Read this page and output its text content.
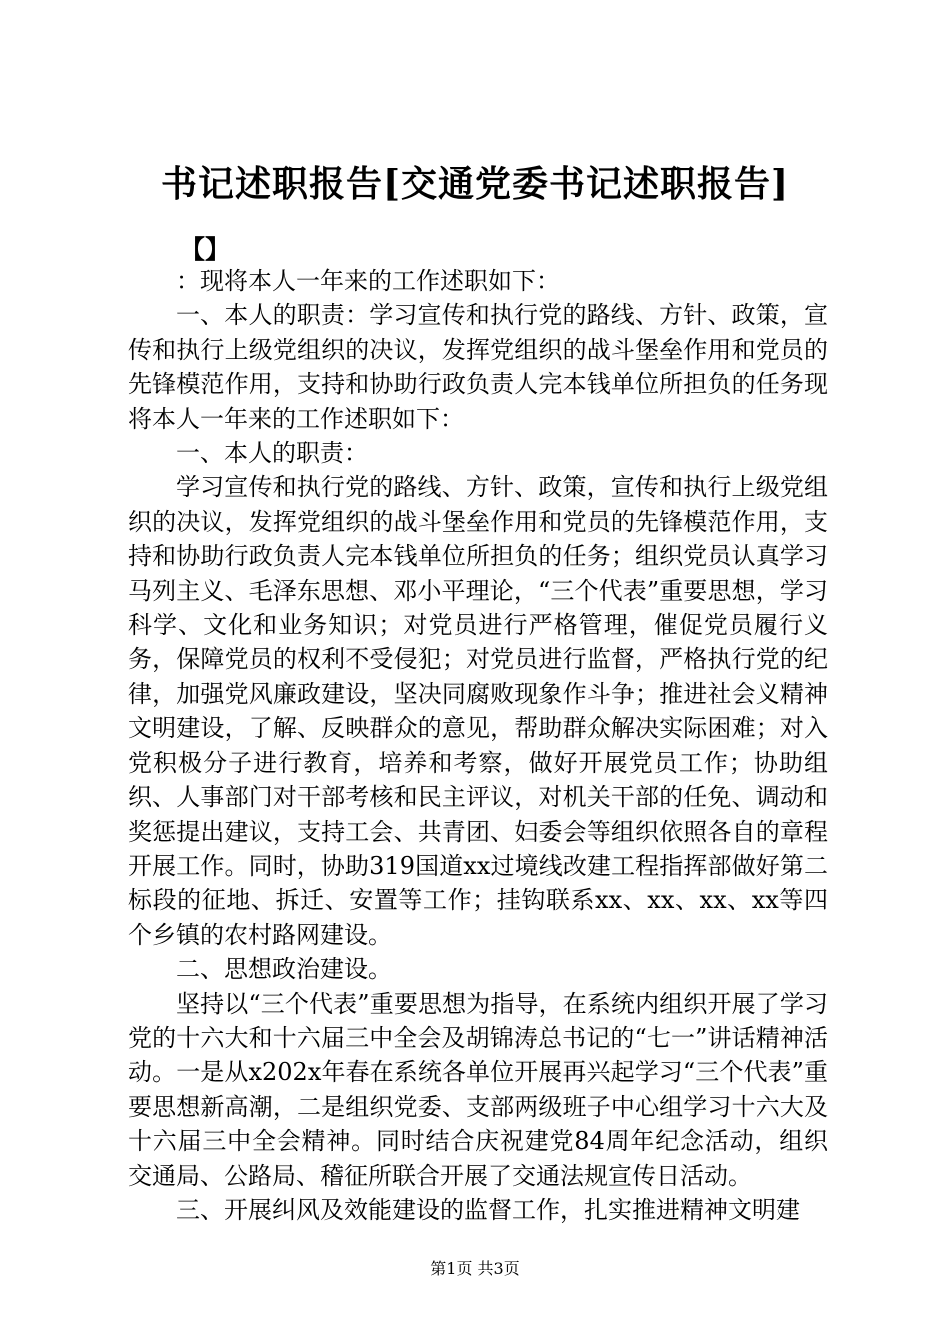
书记述职报告[交通党委书记述职报告]
【】

：现将本人一年来的工作述职如下：

一、本人的职责：学习宣传和执行党的路线、方针、政策，宣传和执行上级党组织的决议，发挥党组织的战斗堡垒作用和党员的先锋模范作用，支持和协助行政负责人完本钱单位所担负的任务现将本人一年来的工作述职如下：

一、本人的职责：

学习宣传和执行党的路线、方针、政策，宣传和执行上级党组织的决议，发挥党组织的战斗堡垒作用和党员的先锋模范作用，支持和协助行政负责人完本钱单位所担负的任务；组织党员认真学习马列主义、毛泽东思想、邓小平理论，“三个代表”重要思想，学习科学、文化和业务知识；对党员进行严格管理，催促党员履行义务，保障党员的权利不受侵犯；对党员进行监督，严格执行党的纪律，加强党风廉政建设，坚决同腐败现象作斗争；推进社会义精神文明建设，了解、反映群众的意见，帮助群众解决实际困难；对入党积极分子进行教育，培养和考察，做好开展党员工作；协助组织、人事部门对干部考核和民主评议，对机关干部的任免、调动和奖惩提出建议，支持工会、共青团、妇委会等组织依照各自的章程开展工作。同时，协助319国道xx过境线改建工程指挥部做好第二标段的征地、拆迁、安置等工作；挂钩联系xx、xx、xx、xx等四个乡镇的农村路网建设。

二、思想政治建设。

坚持以“三个代表”重要思想为指导，在系统内组织开展了学习党的十六大和十六届三中全会及胡锦涛总书记的“七一”讲话精神活动。一是从x202x年春在系统各单位开展再兴起学习“三个代表”重要思想新高潮，二是组织党委、支部两级班子中心组学习十六大及十六届三中全会精神。同时结合庆祝建党84周年纪念活动，组织交通局、公路局、稽征所联合开展了交通法规宣传日活动。

三、开展纠风及效能建设的监督工作，扎实推进精神文明建

第1页 共3页
